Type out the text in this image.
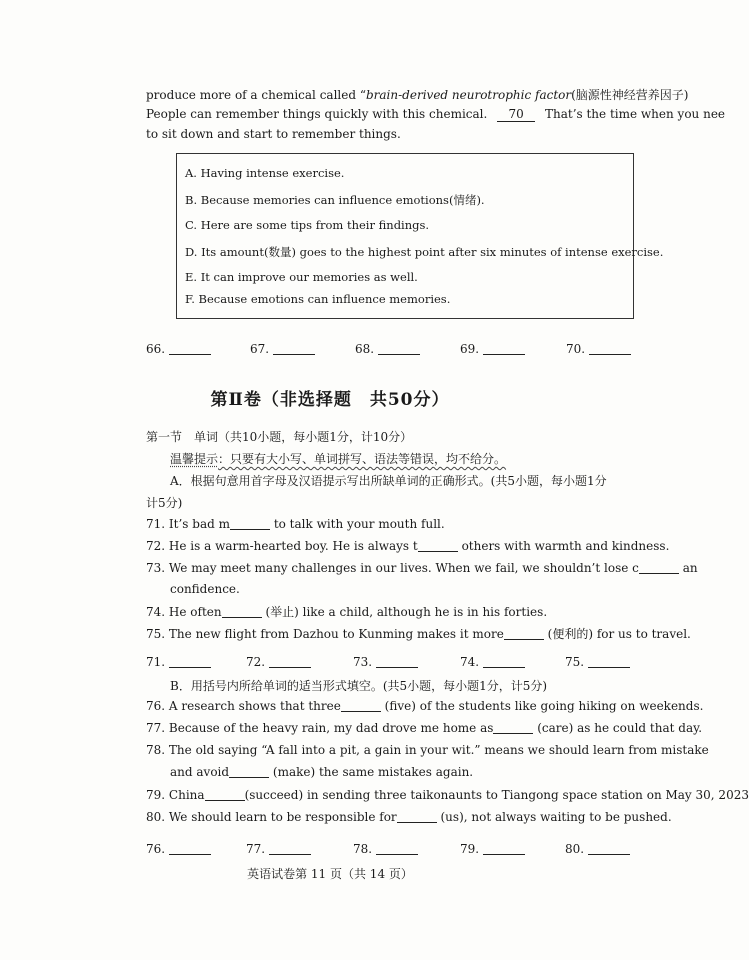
produce more of a chemical called “brain-derived neurotrophic factor(脑源性神经营养因子)
People can remember things quickly with this chemical. 70 That’s the time when you nee
to sit down and start to remember things.
A. Having intense exercise.
B. Because memories can influence emotions(情绪).
C. Here are some tips from their findings.
D. Its amount(数量) goes to the highest point after six minutes of intense exercise.
E. It can improve our memories as well.
F. Because emotions can influence memories.
66.	67.	68.	69.	70.
第Ⅱ卷（非选择题　共50分）
第一节　单词（共10小题，每小题1分，计10分）
温馨提示：只要有大小写、单词拼写、语法等错误，均不给分。
A．根据句意用首字母及汉语提示写出所缺单词的正确形式。(共5小题，每小题1分
计5分)
71. It’s bad m	to talk with your mouth full.
72. He is a warm-hearted boy. He is always t	others with warmth and kindness.
73. We may meet many challenges in our lives. When we fail, we shouldn’t lose c	an
confidence.
74. He often	(举止) like a child, although he is in his forties.
75. The new flight from Dazhou to Kunming makes it more	(便利的) for us to travel.
71.	72.	73.	74.	75.
B．用括号内所给单词的适当形式填空。(共5小题，每小题1分，计5分)
76. A research shows that three	(five) of the students like going hiking on weekends.
77. Because of the heavy rain, my dad drove me home as	(care) as he could that day.
78. The old saying “A fall into a pit, a gain in your wit.” means we should learn from mistake
and avoid	(make) the same mistakes again.
79. China	(succeed) in sending three taikonaunts to Tiangong space station on May 30, 2023
80. We should learn to be responsible for	(us), not always waiting to be pushed.
76.	77.	78.	79.	80.
英语试卷第 11 页（共 14 页）
